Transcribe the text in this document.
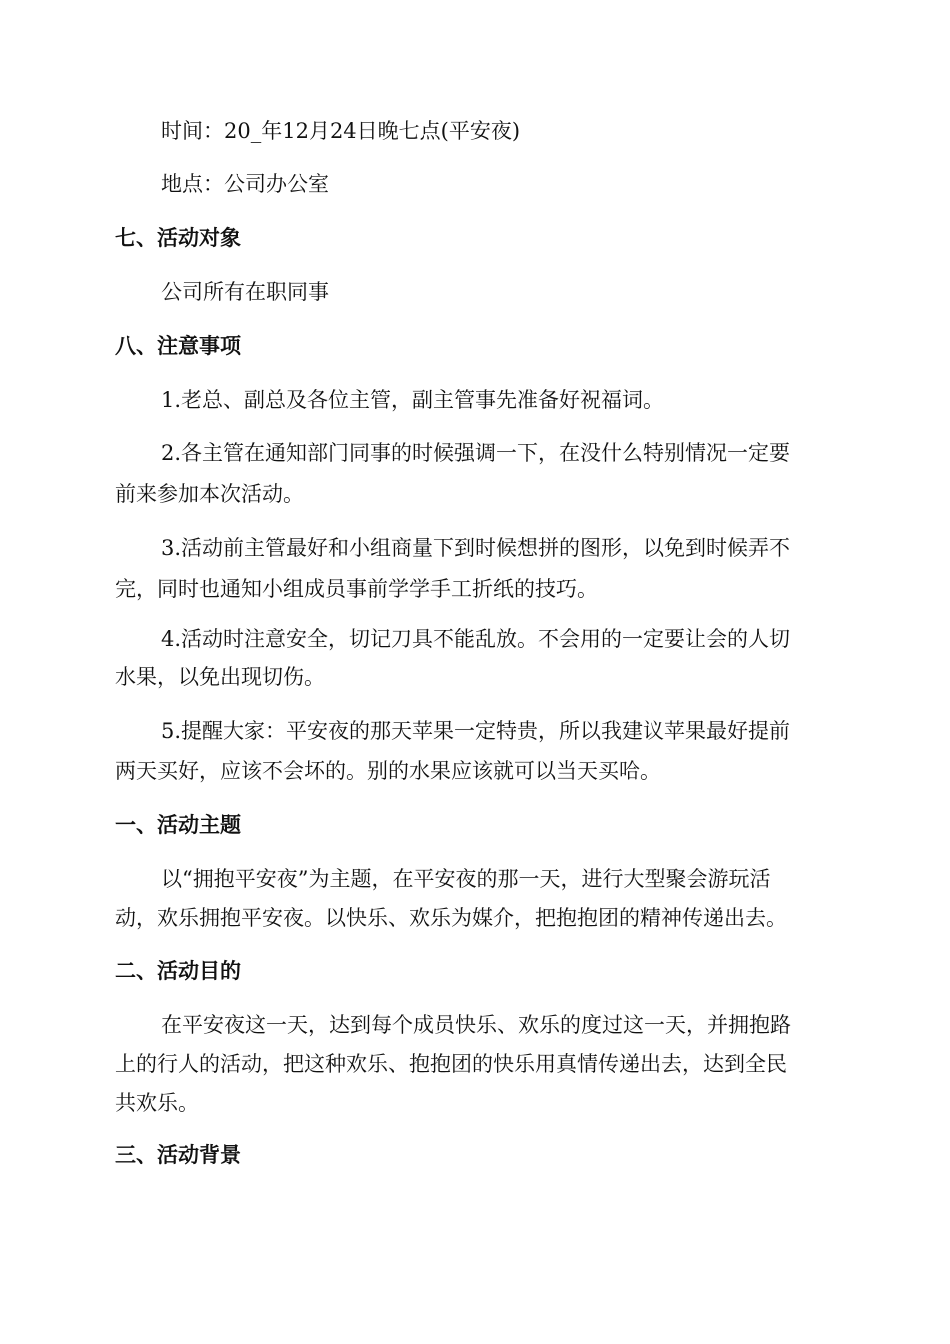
时间：20_年12月24日晚七点(平安夜)
地点：公司办公室
七、活动对象
公司所有在职同事
八、注意事项
1.老总、副总及各位主管，副主管事先准备好祝福词。
2.各主管在通知部门同事的时候强调一下，在没什么特别情况一定要
前来参加本次活动。
3.活动前主管最好和小组商量下到时候想拼的图形，以免到时候弄不
完，同时也通知小组成员事前学学手工折纸的技巧。
4.活动时注意安全，切记刀具不能乱放。不会用的一定要让会的人切
水果，以免出现切伤。
5.提醒大家：平安夜的那天苹果一定特贵，所以我建议苹果最好提前
两天买好，应该不会坏的。别的水果应该就可以当天买哈。
一、活动主题
以“拥抱平安夜”为主题，在平安夜的那一天，进行大型聚会游玩活
动，欢乐拥抱平安夜。以快乐、欢乐为媒介，把抱抱团的精神传递出去。
二、活动目的
在平安夜这一天，达到每个成员快乐、欢乐的度过这一天，并拥抱路
上的行人的活动，把这种欢乐、抱抱团的快乐用真情传递出去，达到全民
共欢乐。
三、活动背景
